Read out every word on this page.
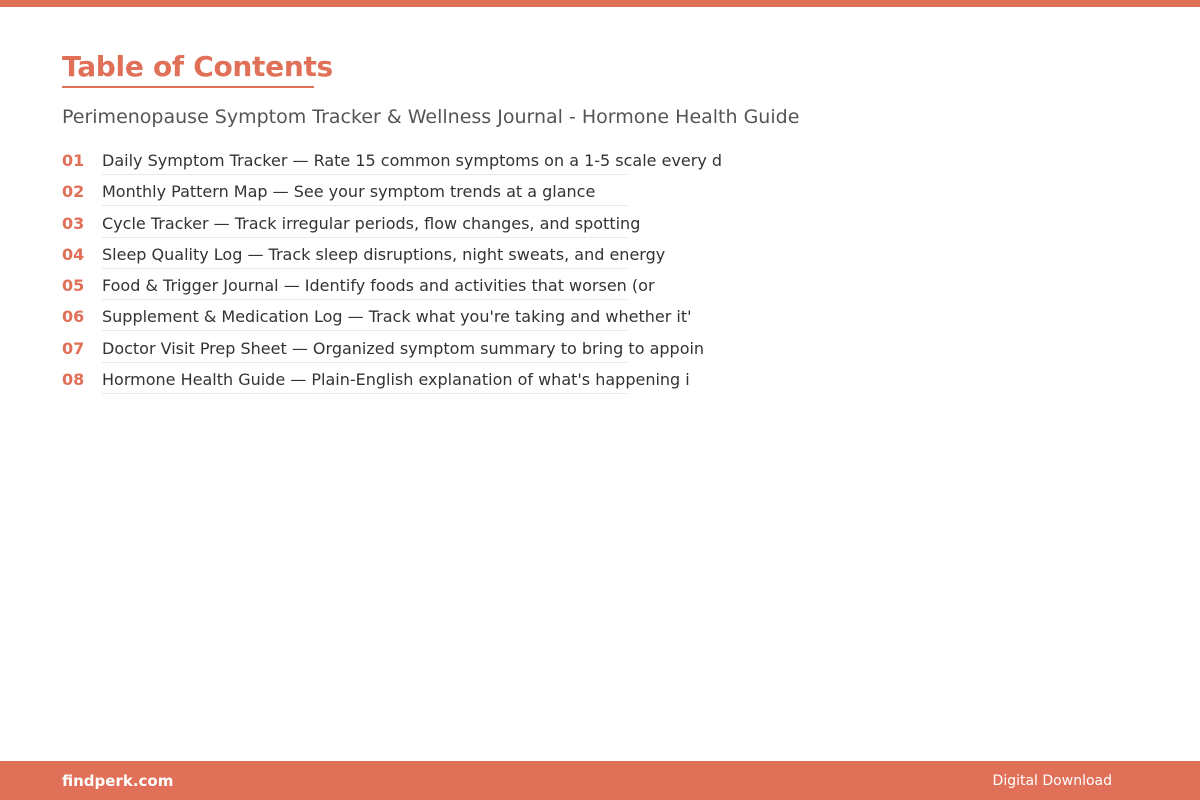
Table of Contents
Perimenopause Symptom Tracker & Wellness Journal - Hormone Health Guide
01	Daily Symptom Tracker — Rate 15 common symptoms on a 1-5 scale every d
02	Monthly Pattern Map — See your symptom trends at a glance
03	Cycle Tracker — Track irregular periods, flow changes, and spotting
04	Sleep Quality Log — Track sleep disruptions, night sweats, and energy
05	Food & Trigger Journal — Identify foods and activities that worsen (or
06	Supplement & Medication Log — Track what you're taking and whether it'
07	Doctor Visit Prep Sheet — Organized symptom summary to bring to appoin
08	Hormone Health Guide — Plain-English explanation of what's happening i
findperk.com	Digital Download
